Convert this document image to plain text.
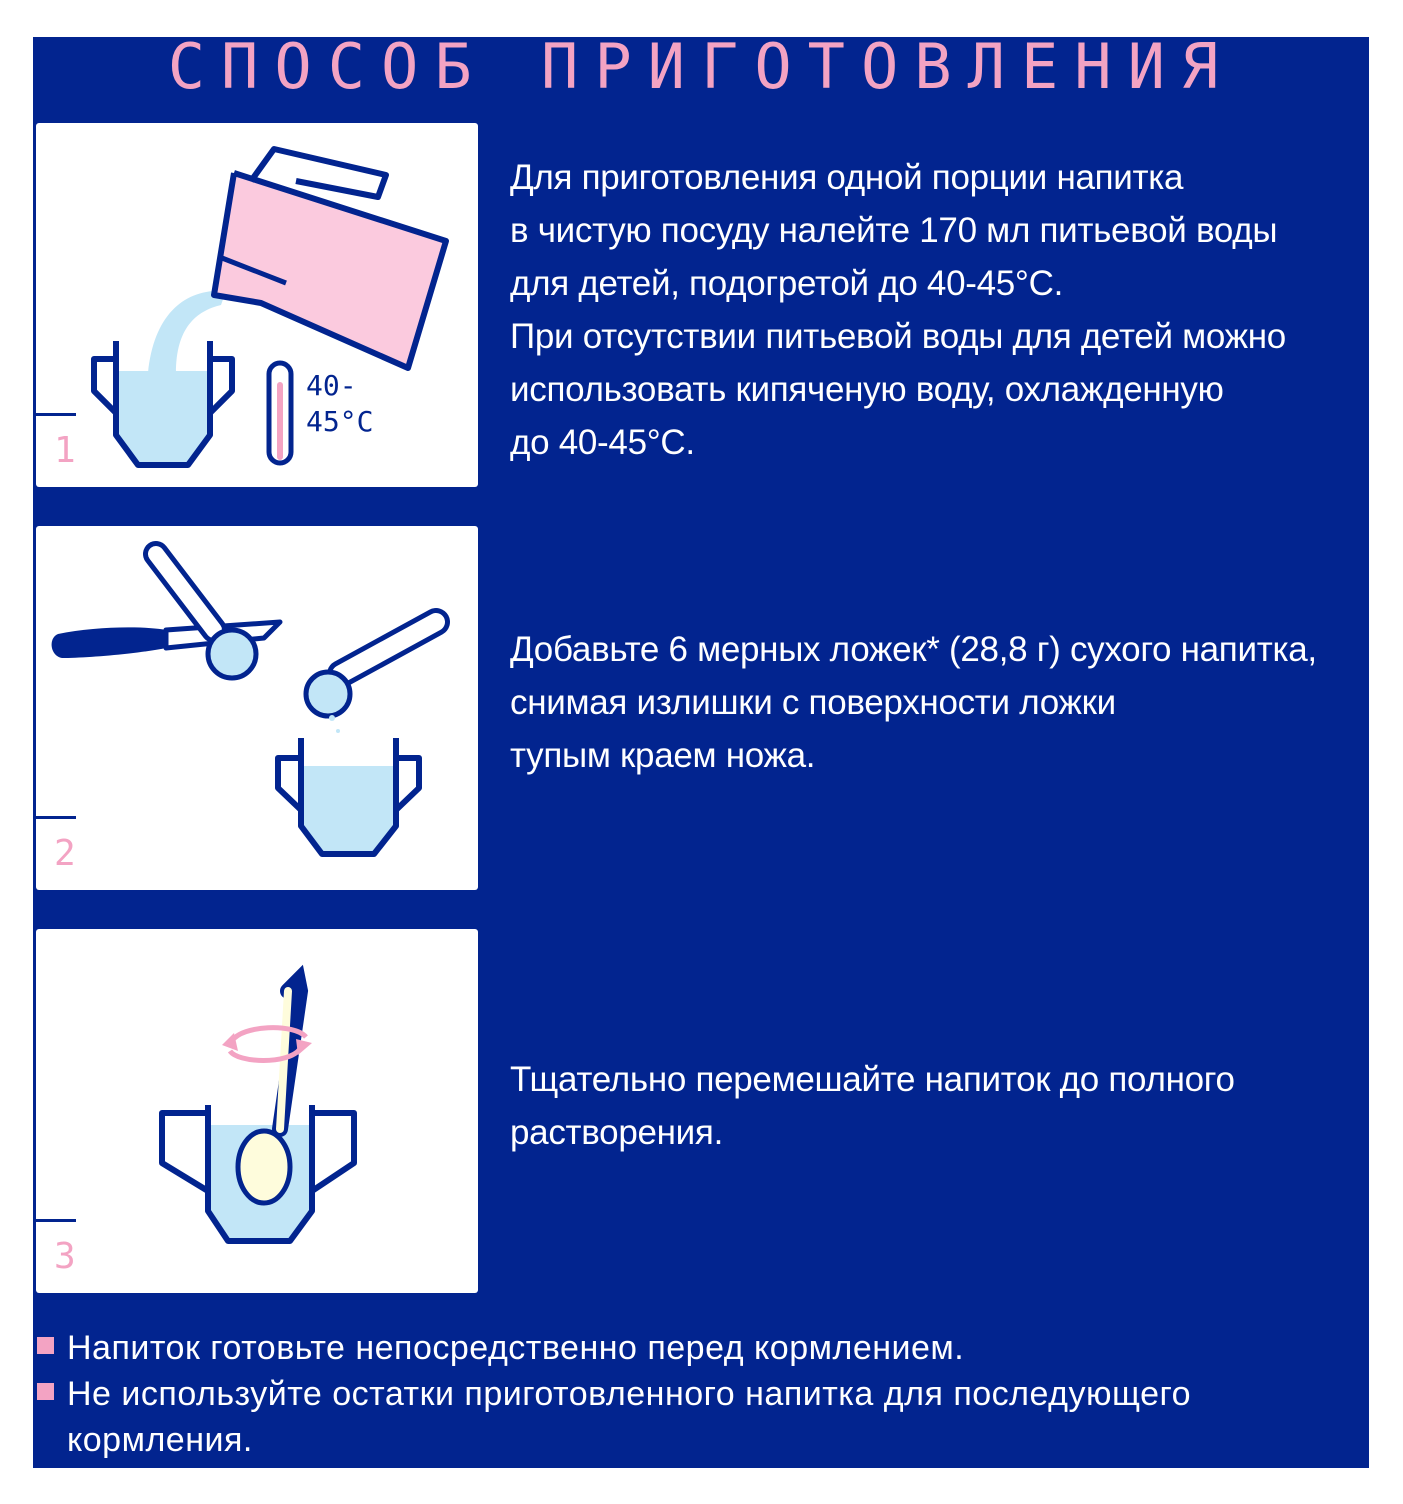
СПОСОБ ПРИГОТОВЛЕНИЯ
40-
45°С
1

Для приготовления одной порции напитка

в чистую посуду налейте 170 мл питьевой воды

для детей, подогретой до 40-45°С.

При отсутствии питьевой воды для детей можно

использовать кипяченую воду, охлажденную

до 40-45°С.

2

Добавьте 6 мерных ложек* (28,8 г) сухого напитка,

снимая излишки с поверхности ложки

тупым краем ножа.

3

Тщательно перемешайте напиток до полного

растворения.

Напиток готовьте непосредственно перед кормлением.
Не используйте остатки приготовленного напитка для последующего кормления.
